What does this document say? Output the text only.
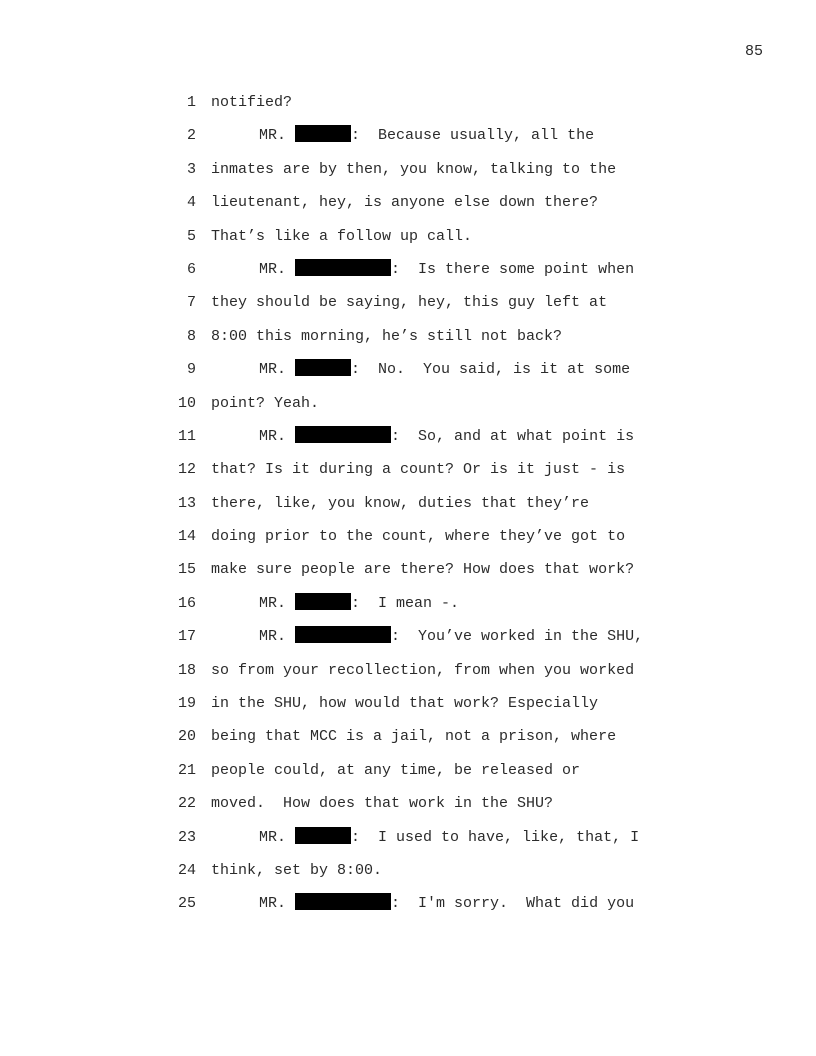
85
1 notified?
2	MR.	:  Because usually, all the
3 inmates are by then, you know, talking to the
4 lieutenant, hey, is anyone else down there?
5 That’s like a follow up call.
6	MR.	:  Is there some point when
7 they should be saying, hey, this guy left at
8 8:00 this morning, he’s still not back?
9	MR.	:  No.  You said, is it at some
10 point? Yeah.
11	MR.	:  So, and at what point is
12 that? Is it during a count? Or is it just - is
13 there, like, you know, duties that they’re
14 doing prior to the count, where they’ve got to
15 make sure people are there? How does that work?
16	MR.	:  I mean -.
17	MR.	:  You’ve worked in the SHU,
18 so from your recollection, from when you worked
19 in the SHU, how would that work? Especially
20 being that MCC is a jail, not a prison, where
21 people could, at any time, be released or
22 moved.  How does that work in the SHU?
23	MR.	:  I used to have, like, that, I
24 think, set by 8:00.
25	MR.	:  I'm sorry.  What did you
